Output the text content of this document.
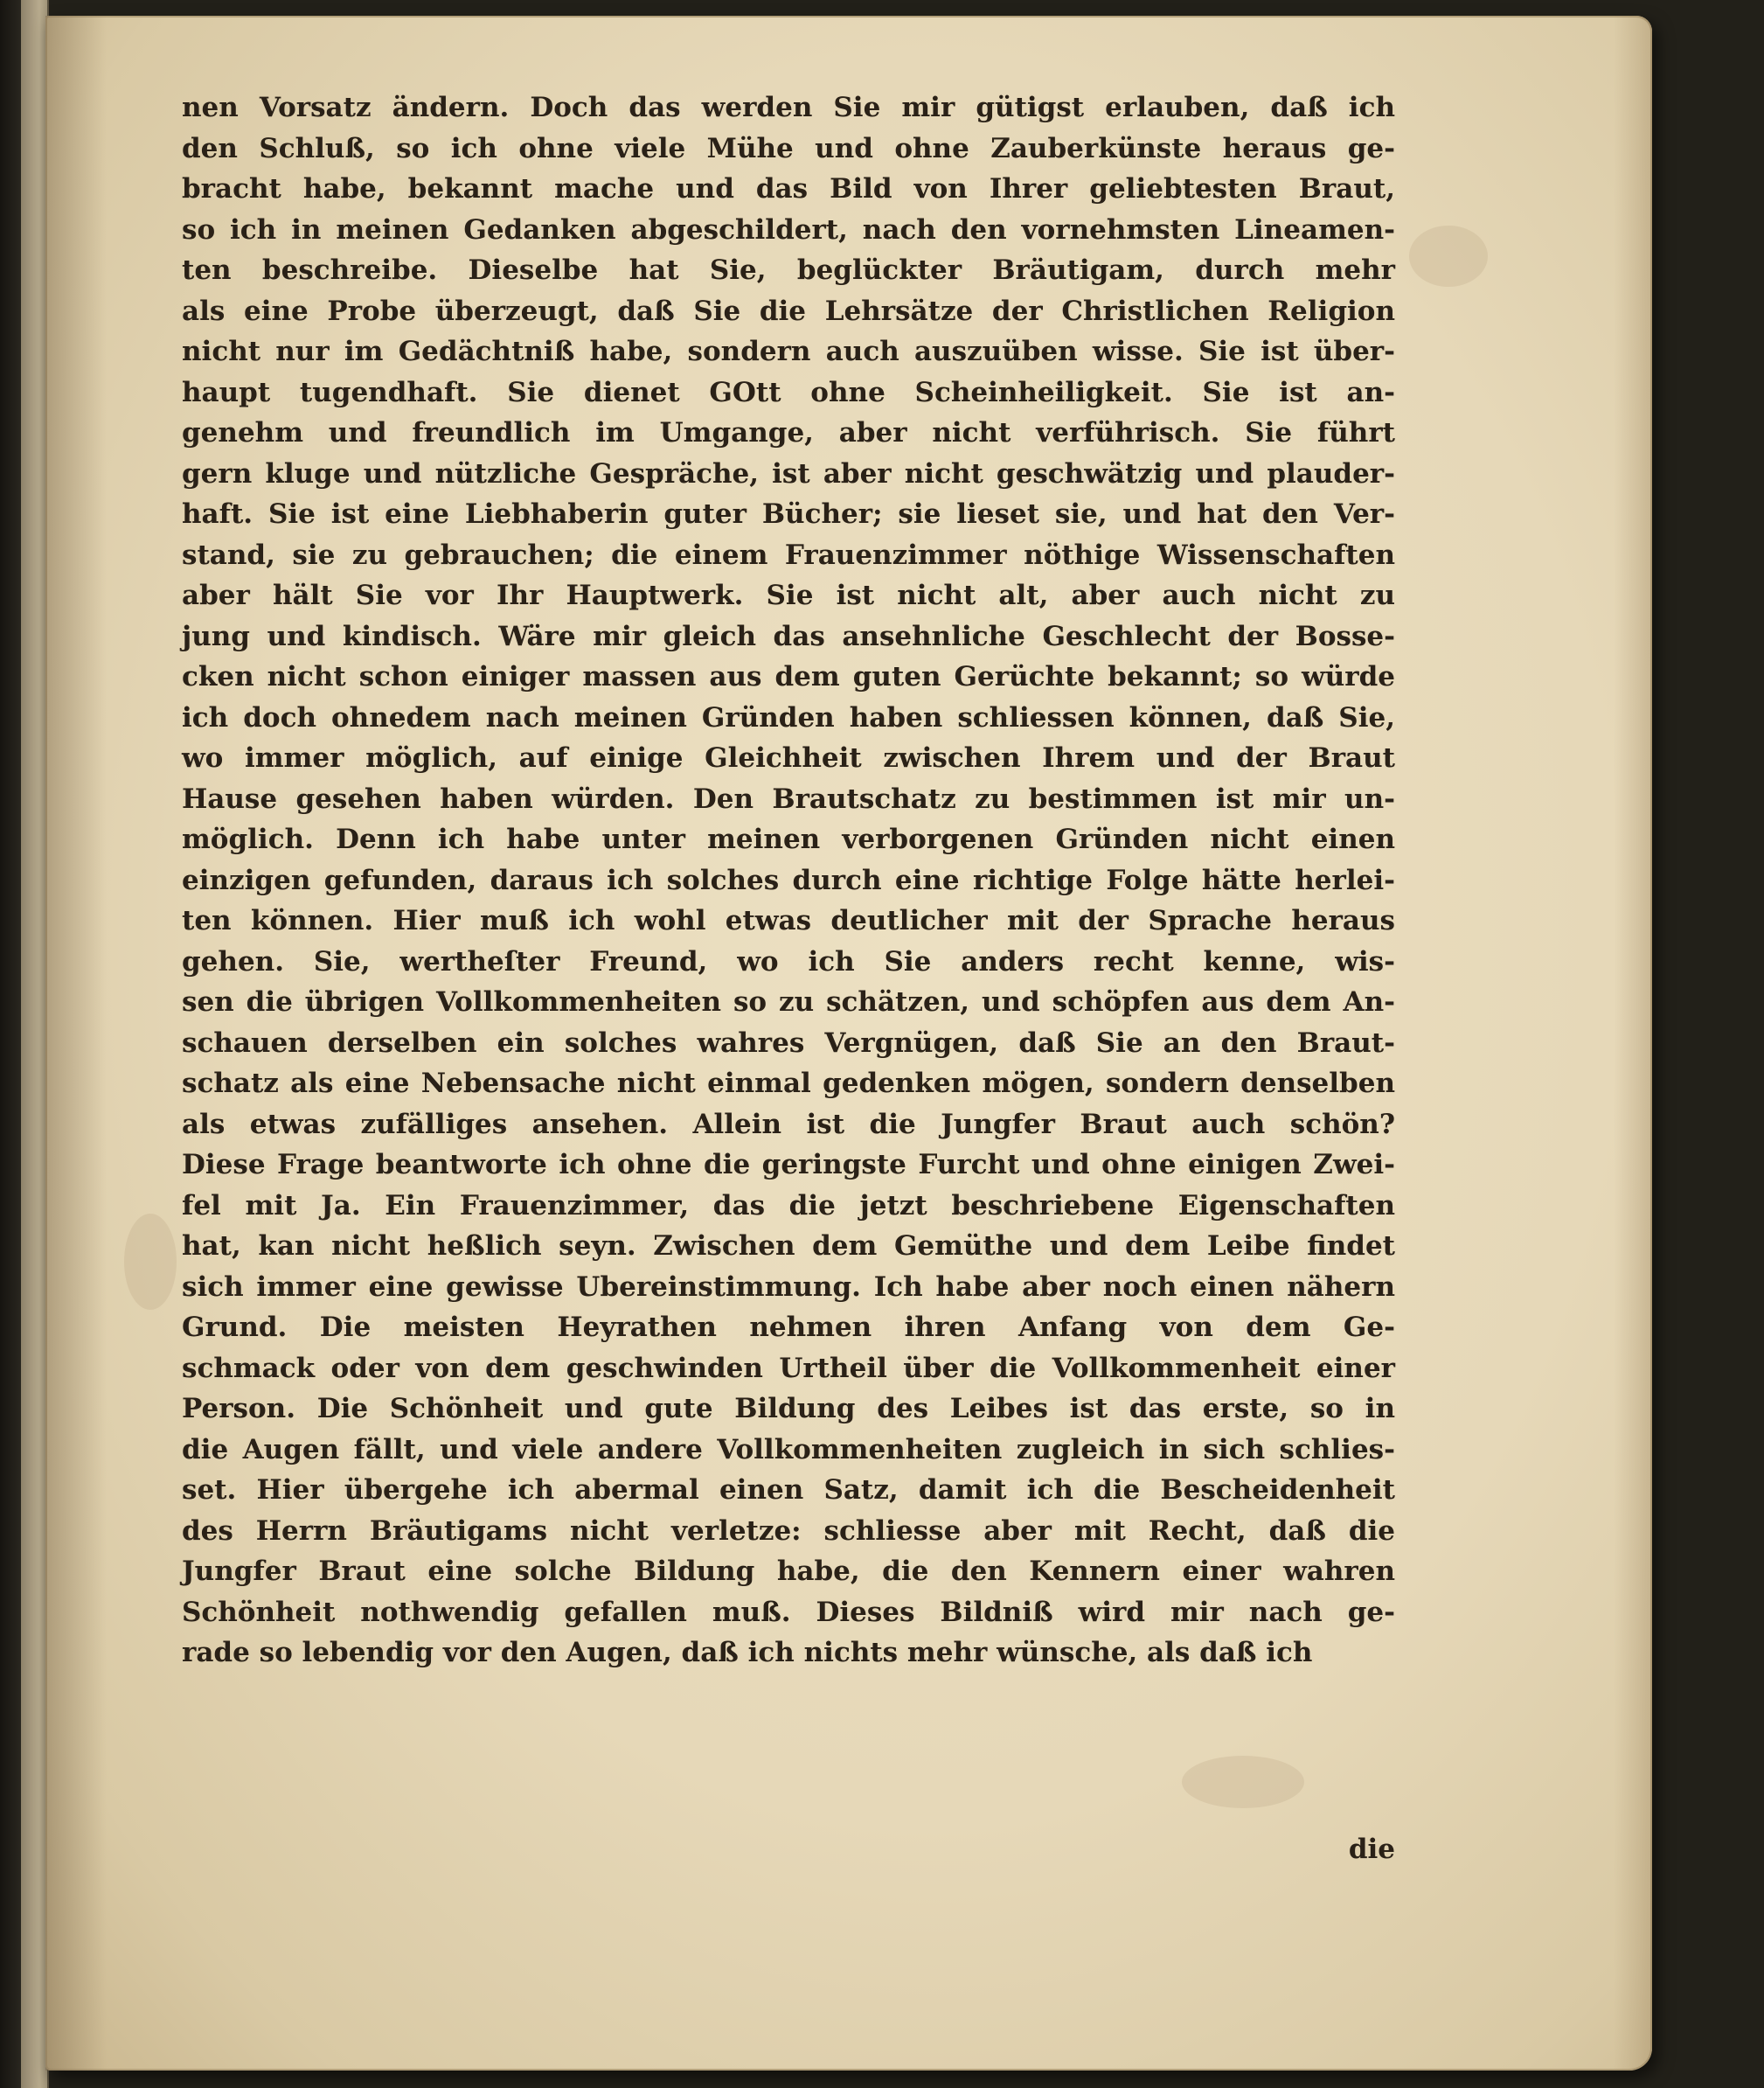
nen Vorsatz ändern. Doch das werden Sie mir gütigst erlauben, daß ich
den Schluß, so ich ohne viele Mühe und ohne Zauberkünste heraus ge-
bracht habe, bekannt mache und das Bild von Ihrer geliebtesten Braut,
so ich in meinen Gedanken abgeschildert, nach den vornehmsten Lineamen-
ten beschreibe. Dieselbe hat Sie, beglückter Bräutigam, durch mehr
als eine Probe überzeugt, daß Sie die Lehrsätze der Christlichen Religion
nicht nur im Gedächtniß habe, sondern auch auszuüben wisse. Sie ist über-
haupt tugendhaft. Sie dienet GOtt ohne Scheinheiligkeit. Sie ist an-
genehm und freundlich im Umgange, aber nicht verführisch. Sie führt
gern kluge und nützliche Gespräche, ist aber nicht geschwätzig und plauder-
haft. Sie ist eine Liebhaberin guter Bücher; sie lieset sie, und hat den Ver-
stand, sie zu gebrauchen; die einem Frauenzimmer nöthige Wissenschaften
aber hält Sie vor Ihr Hauptwerk. Sie ist nicht alt, aber auch nicht zu
jung und kindisch. Wäre mir gleich das ansehnliche Geschlecht der Bosse-
cken nicht schon einiger massen aus dem guten Gerüchte bekannt; so würde
ich doch ohnedem nach meinen Gründen haben schliessen können, daß Sie,
wo immer möglich, auf einige Gleichheit zwischen Ihrem und der Braut
Hause gesehen haben würden. Den Brautschatz zu bestimmen ist mir un-
möglich. Denn ich habe unter meinen verborgenen Gründen nicht einen
einzigen gefunden, daraus ich solches durch eine richtige Folge hätte herlei-
ten können. Hier muß ich wohl etwas deutlicher mit der Sprache heraus
gehen. Sie, wertheſter Freund, wo ich Sie anders recht kenne, wis-
sen die übrigen Vollkommenheiten so zu schätzen, und schöpfen aus dem An-
schauen derselben ein solches wahres Vergnügen, daß Sie an den Braut-
schatz als eine Nebensache nicht einmal gedenken mögen, sondern denselben
als etwas zufälliges ansehen. Allein ist die Jungfer Braut auch schön?
Diese Frage beantworte ich ohne die geringste Furcht und ohne einigen Zwei-
fel mit Ja. Ein Frauenzimmer, das die jetzt beschriebene Eigenschaften
hat, kan nicht heßlich seyn. Zwischen dem Gemüthe und dem Leibe findet
sich immer eine gewisse Ubereinstimmung. Ich habe aber noch einen nähern
Grund. Die meisten Heyrathen nehmen ihren Anfang von dem Ge-
schmack oder von dem geschwinden Urtheil über die Vollkommenheit einer
Person. Die Schönheit und gute Bildung des Leibes ist das erste, so in
die Augen fällt, und viele andere Vollkommenheiten zugleich in sich schlies-
set. Hier übergehe ich abermal einen Satz, damit ich die Bescheidenheit
des Herrn Bräutigams nicht verletze: schliesse aber mit Recht, daß die
Jungfer Braut eine solche Bildung habe, die den Kennern einer wahren
Schönheit nothwendig gefallen muß. Dieses Bildniß wird mir nach ge-
rade so lebendig vor den Augen, daß ich nichts mehr wünsche, als daß ich
die
